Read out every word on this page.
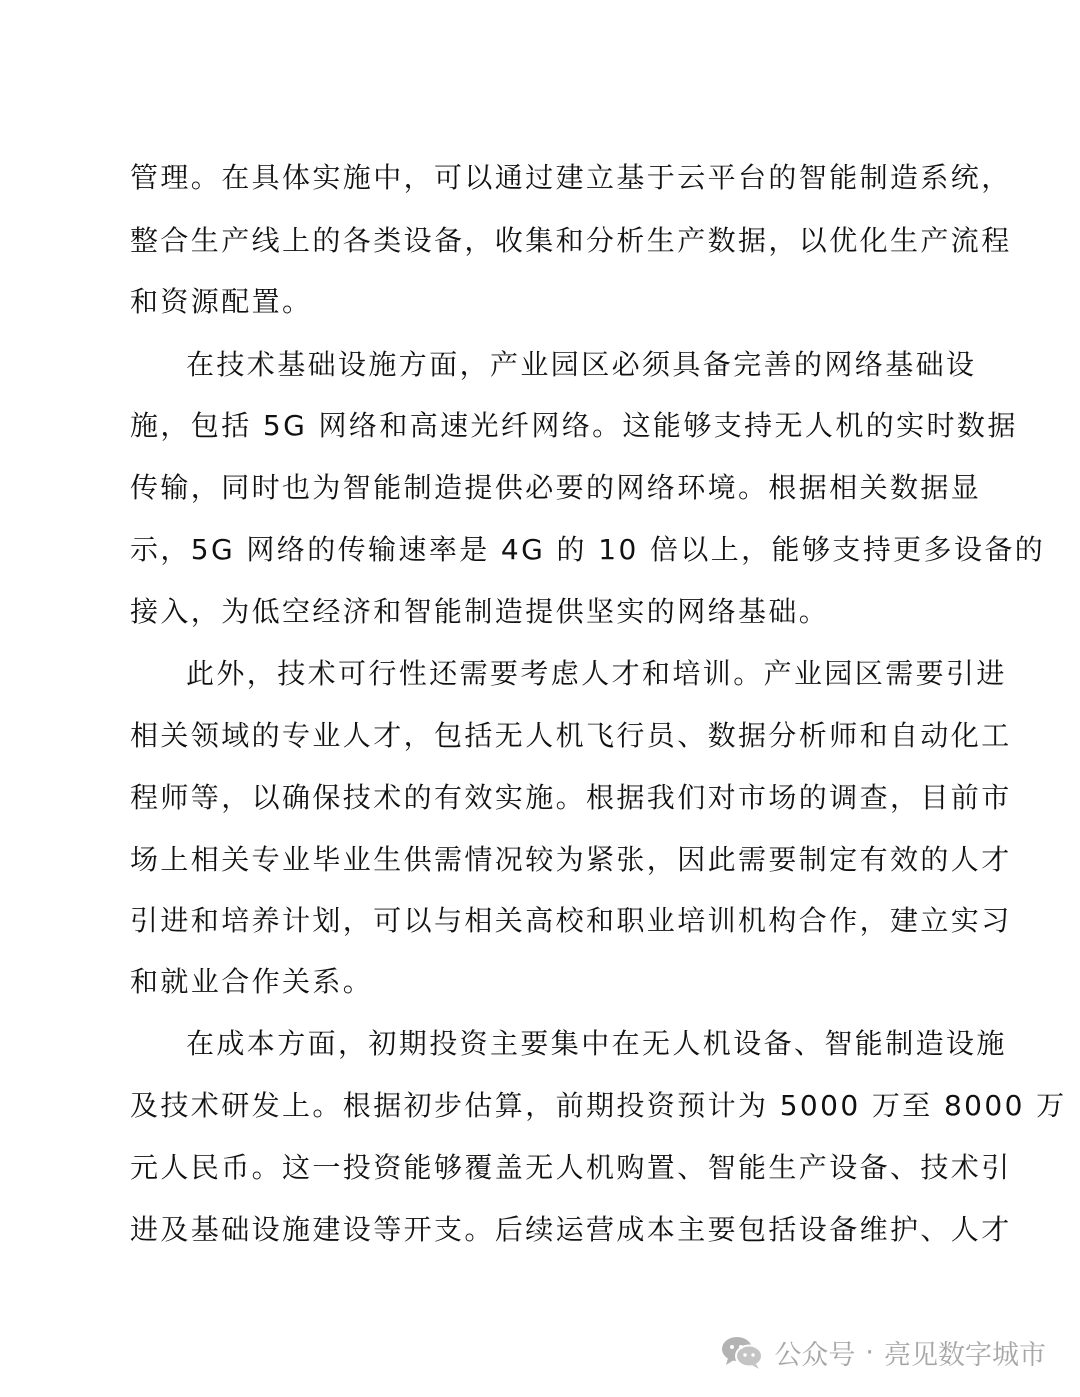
管理。在具体实施中，可以通过建立基于云平台的智能制造系统，
整合生产线上的各类设备，收集和分析生产数据，以优化生产流程
和资源配置。
在技术基础设施方面，产业园区必须具备完善的网络基础设
施，包括 5G 网络和高速光纤网络。这能够支持无人机的实时数据
传输，同时也为智能制造提供必要的网络环境。根据相关数据显
示，5G 网络的传输速率是 4G 的 10 倍以上，能够支持更多设备的
接入，为低空经济和智能制造提供坚实的网络基础。
此外，技术可行性还需要考虑人才和培训。产业园区需要引进
相关领域的专业人才，包括无人机飞行员、数据分析师和自动化工
程师等，以确保技术的有效实施。根据我们对市场的调查，目前市
场上相关专业毕业生供需情况较为紧张，因此需要制定有效的人才
引进和培养计划，可以与相关高校和职业培训机构合作，建立实习
和就业合作关系。
在成本方面，初期投资主要集中在无人机设备、智能制造设施
及技术研发上。根据初步估算，前期投资预计为 5000 万至 8000 万
元人民币。这一投资能够覆盖无人机购置、智能生产设备、技术引
进及基础设施建设等开支。后续运营成本主要包括设备维护、人才
公众号 · 亮见数字城市
